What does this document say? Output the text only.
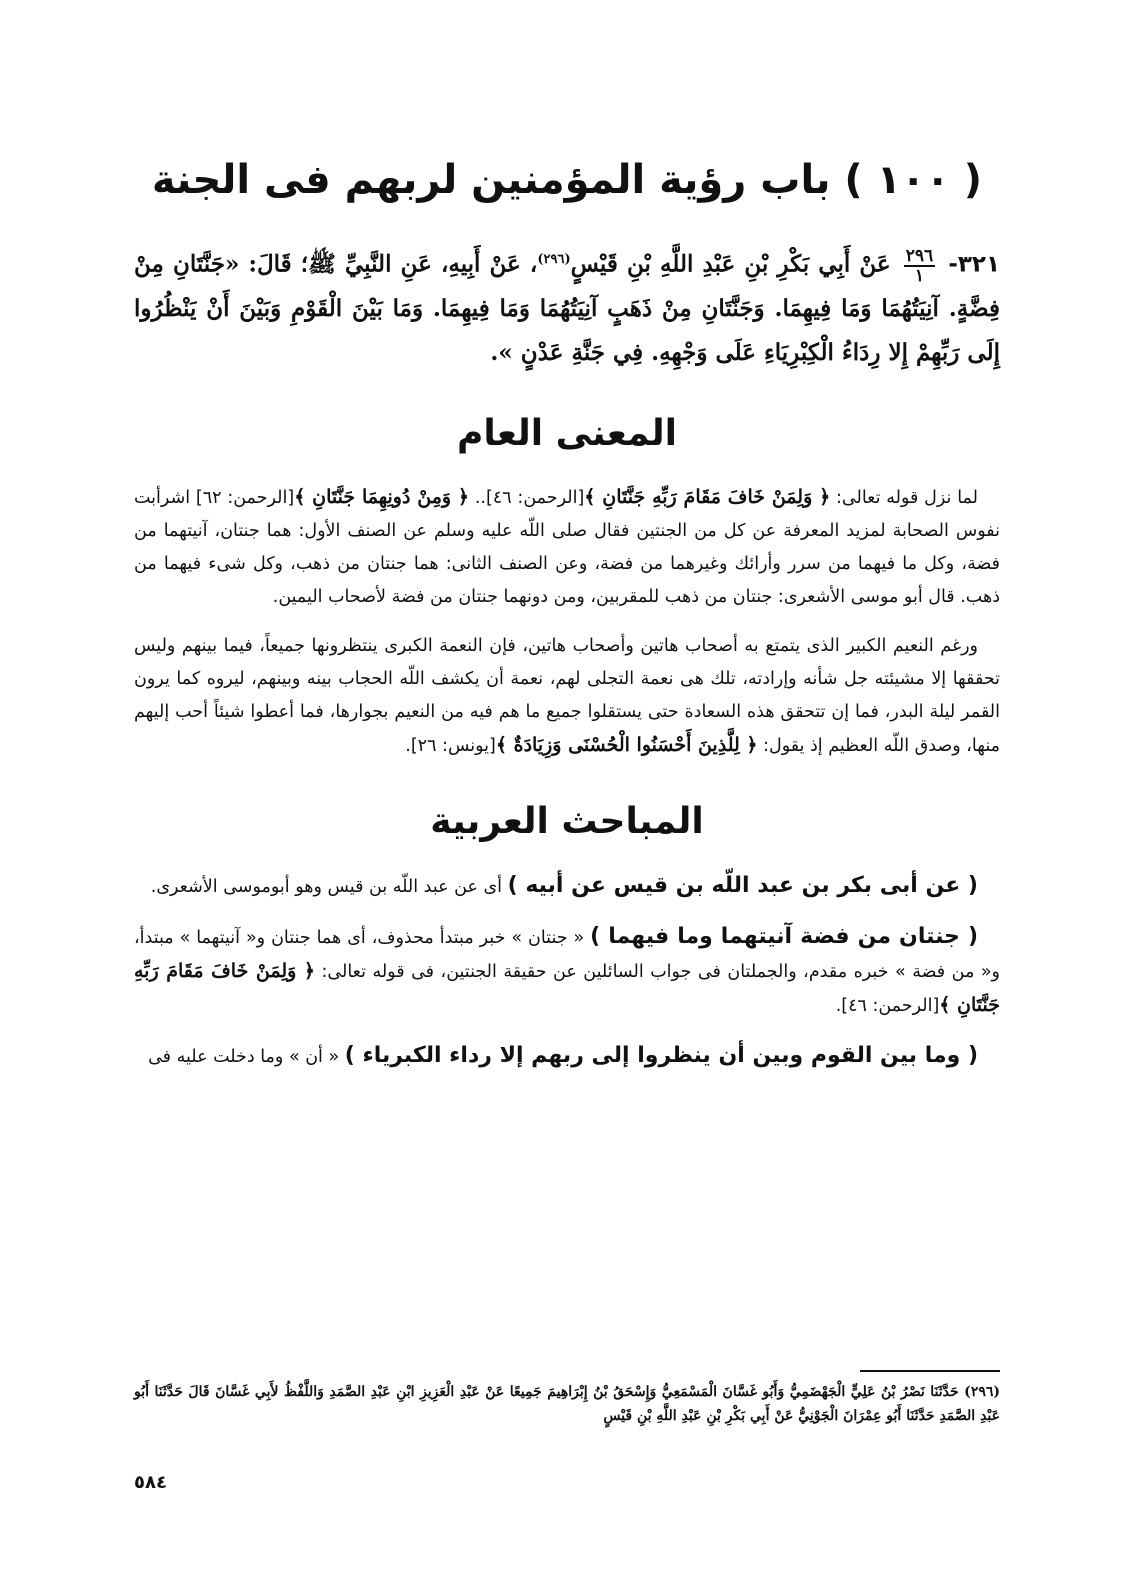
( ١٠٠ ) باب رؤية المؤمنين لربهم فى الجنة

٣٢١-
$\frac{٢٩٦}{١}$
عَنْ أَبِي بَكْرِ بْنِ عَبْدِ اللَّهِ بْنِ قَيْسٍ$^{(٢٩٦)}$، عَنْ أَبِيهِ، عَنِ النَّبِيِّ ﷺ؛ قَالَ: «جَنَّتَانِ مِنْ فِضَّةٍ. آنِيَتُهُمَا وَمَا فِيهِمَا. وَجَنَّتَانِ مِنْ ذَهَبٍ آنِيَتُهُمَا وَمَا فِيهِمَا. وَمَا بَيْنَ الْقَوْمِ وَبَيْنَ أَنْ يَنْظُرُوا إِلَى رَبِّهِمْ إِلا رِدَاءُ الْكِبْرِيَاءِ عَلَى وَجْهِهِ. فِي جَنَّةِ عَدْنٍ ».

المعنى العام

لما نزل قوله تعالى: ﴿ وَلِمَنْ خَافَ مَقَامَ رَبِّهِ جَنَّتَانِ ﴾[الرحمن: ٤٦].. ﴿ وَمِنْ دُونِهِمَا جَنَّتَانِ ﴾[الرحمن: ٦٢] اشرأبت نفوس الصحابة لمزيد المعرفة عن كل من الجنتين فقال صلى اللّه عليه وسلم عن الصنف الأول: هما جنتان، آنيتهما من فضة، وكل ما فيهما من سرر وأرائك وغيرهما من فضة، وعن الصنف الثانى: هما جنتان من ذهب، وكل شىء فيهما من ذهب. قال أبو موسى الأشعرى: جنتان من ذهب للمقربين، ومن دونهما جنتان من فضة لأصحاب اليمين.

ورغم النعيم الكبير الذى يتمتع به أصحاب هاتين وأصحاب هاتين، فإن النعمة الكبرى ينتظرونها جميعاً، فيما بينهم وليس تحققها إلا مشيئته جل شأنه وإرادته، تلك هى نعمة التجلى لهم، نعمة أن يكشف اللّه الحجاب بينه وبينهم، ليروه كما يرون القمر ليلة البدر، فما إن تتحقق هذه السعادة حتى يستقلوا جميع ما هم فيه من النعيم بجوارها، فما أعطوا شيئاً أحب إليهم منها، وصدق اللّه العظيم إذ يقول: ﴿ لِلَّذِينَ أَحْسَنُوا الْحُسْنَى وَزِيَادَةٌ ﴾[يونس: ٢٦].

المباحث العربية

( عن أبى بكر بن عبد اللّه بن قيس عن أبيه ) أى عن عبد اللّه بن قيس وهو أبوموسى الأشعرى.

( جنتان من فضة آنيتهما وما فيهما ) « جنتان » خبر مبتدأ محذوف، أى هما جنتان و« آنيتهما » مبتدأ، و« من فضة » خبره مقدم، والجملتان فى جواب السائلين عن حقيقة الجنتين، فى قوله تعالى: ﴿ وَلِمَنْ خَافَ مَقَامَ رَبِّهِ جَنَّتَانِ ﴾[الرحمن: ٤٦].

( وما بين القوم وبين أن ينظروا إلى ربهم إلا رداء الكبرياء ) « أن » وما دخلت عليه فى

(٢٩٦) حَدَّثَنَا نَصْرُ بْنُ عَلِيٍّ الْجَهْضَمِيُّ وَأَبُو غَسَّانَ الْمَسْمَعِيُّ وَإِسْحَقُ بْنُ إِبْرَاهِيمَ جَمِيعًا عَنْ عَبْدِ الْعَزِيزِ ابْنِ عَبْدِ الصَّمَدِ وَاللَّفْظُ لأَبِي غَسَّانَ قَالَ حَدَّثَنَا أَبُو عَبْدِ الصَّمَدِ حَدَّثَنَا أَبُو عِمْرَانَ الْجَوْنِيُّ عَنْ أَبِي بَكْرِ بْنِ عَبْدِ اللَّهِ بْنِ قَيْسٍ
٥٨٤
